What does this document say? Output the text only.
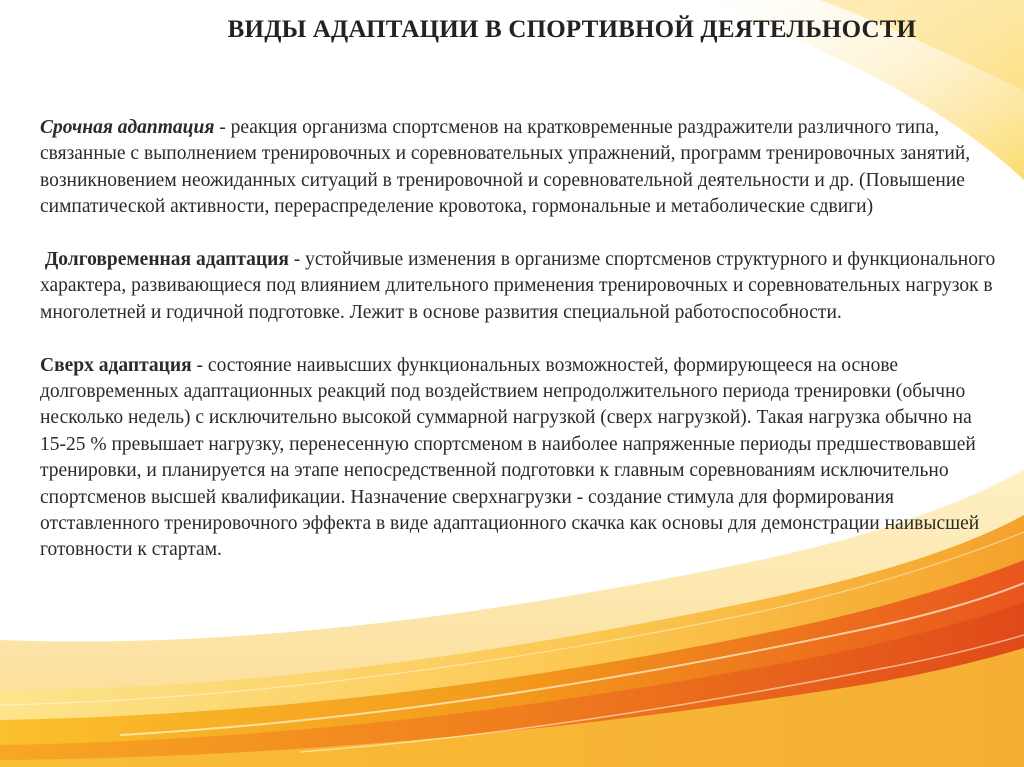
ВИДЫ АДАПТАЦИИ В СПОРТИВНОЙ ДЕЯТЕЛЬНОСТИ

Срочная адаптация - реакция организма спортсменов на кратковременные раздражители различного типа, связанные с выполнением тренировочных и соревновательных упражнений, программ тренировочных занятий, возникновением неожиданных ситуаций в тренировочной и соревновательной деятельности и др. (Повышение симпатической активности, перераспределение кровотока, гормональные и метаболические сдвиги)

Долговременная адаптация - устойчивые изменения в организме спортсменов структурного и функционального характера, развивающиеся под влиянием длительного применения тренировочных и соревновательных нагрузок в многолетней и годичной подготовке. Лежит в основе развития специальной работоспособности.

Сверх адаптация - состояние наивысших функциональных возможностей, формирующееся на основе долговременных адаптационных реакций под воздействием непродолжительного периода тренировки (обычно несколько недель) с исключительно высокой суммарной нагрузкой (сверх нагрузкой). Такая нагрузка обычно на 15-25 % превышает нагрузку, перенесенную спортсменом в наиболее напряженные периоды предшествовавшей тренировки, и планируется на этапе непосредственной подготовки к главным соревнованиям исключительно спортсменов высшей квалификации. Назначение сверхнагрузки - создание стимула для формирования отставленного тренировочного эффекта в виде адаптационного скачка как основы для демонстрации наивысшей готовности к стартам.
